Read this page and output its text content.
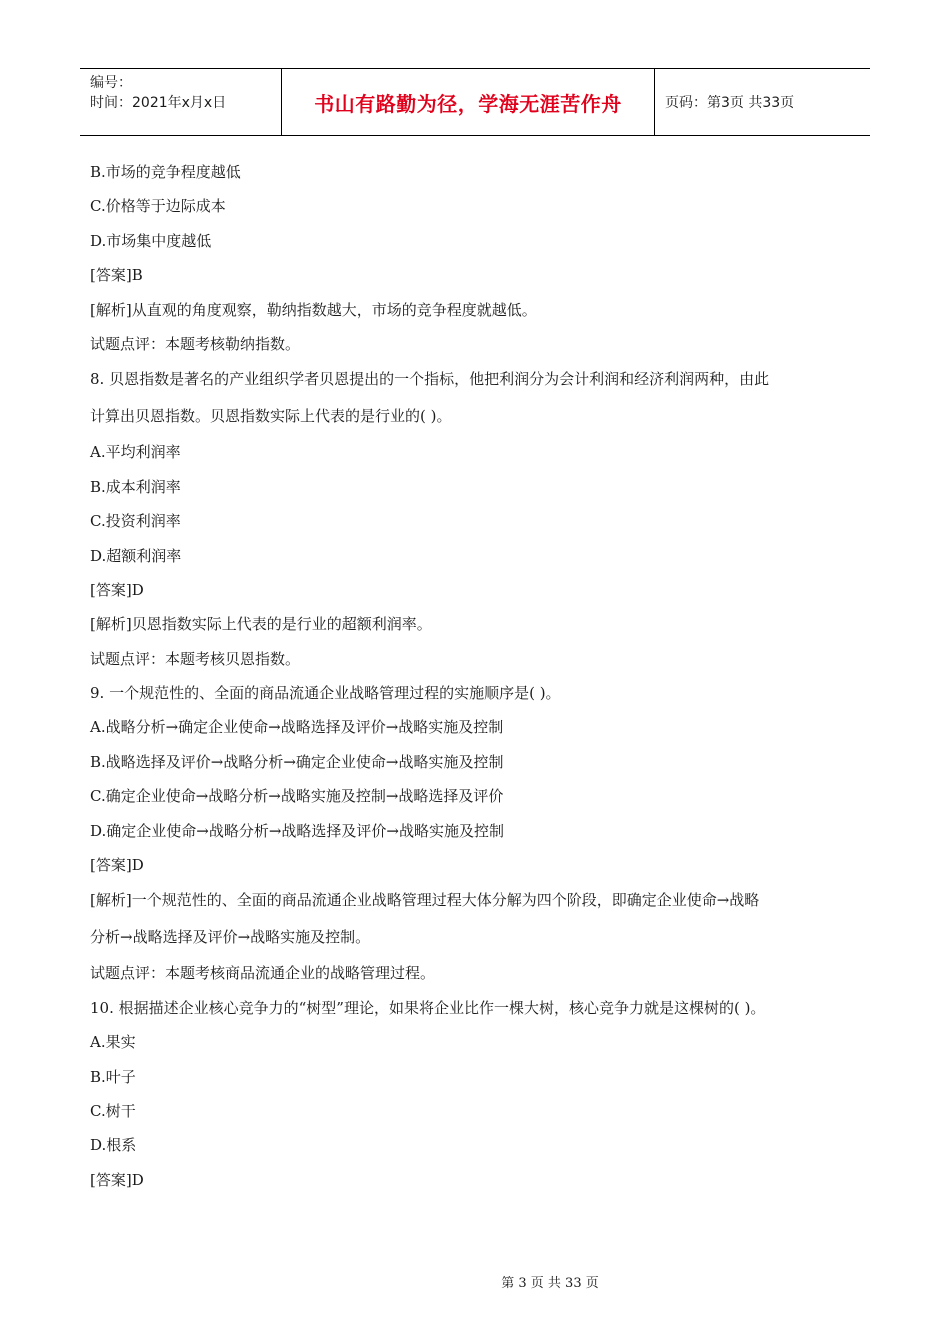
编号：
时间：2021年x月x日	书山有路勤为径，学海无涯苦作舟	页码：第3页 共33页
B.市场的竞争程度越低
C.价格等于边际成本
D.市场集中度越低
[答案]B
[解析]从直观的角度观察，勒纳指数越大，市场的竞争程度就越低。
试题点评：本题考核勒纳指数。
8. 贝恩指数是著名的产业组织学者贝恩提出的一个指标，他把利润分为会计利润和经济利润两种，由此
计算出贝恩指数。贝恩指数实际上代表的是行业的( )。
A.平均利润率
B.成本利润率
C.投资利润率
D.超额利润率
[答案]D
[解析]贝恩指数实际上代表的是行业的超额利润率。
试题点评：本题考核贝恩指数。
9. 一个规范性的、全面的商品流通企业战略管理过程的实施顺序是( )。
A.战略分析→确定企业使命→战略选择及评价→战略实施及控制
B.战略选择及评价→战略分析→确定企业使命→战略实施及控制
C.确定企业使命→战略分析→战略实施及控制→战略选择及评价
D.确定企业使命→战略分析→战略选择及评价→战略实施及控制
[答案]D
[解析]一个规范性的、全面的商品流通企业战略管理过程大体分解为四个阶段，即确定企业使命→战略
分析→战略选择及评价→战略实施及控制。
试题点评：本题考核商品流通企业的战略管理过程。
10. 根据描述企业核心竞争力的“树型”理论，如果将企业比作一棵大树，核心竞争力就是这棵树的( )。
A.果实
B.叶子
C.树干
D.根系
[答案]D
第 3 页 共 33 页
